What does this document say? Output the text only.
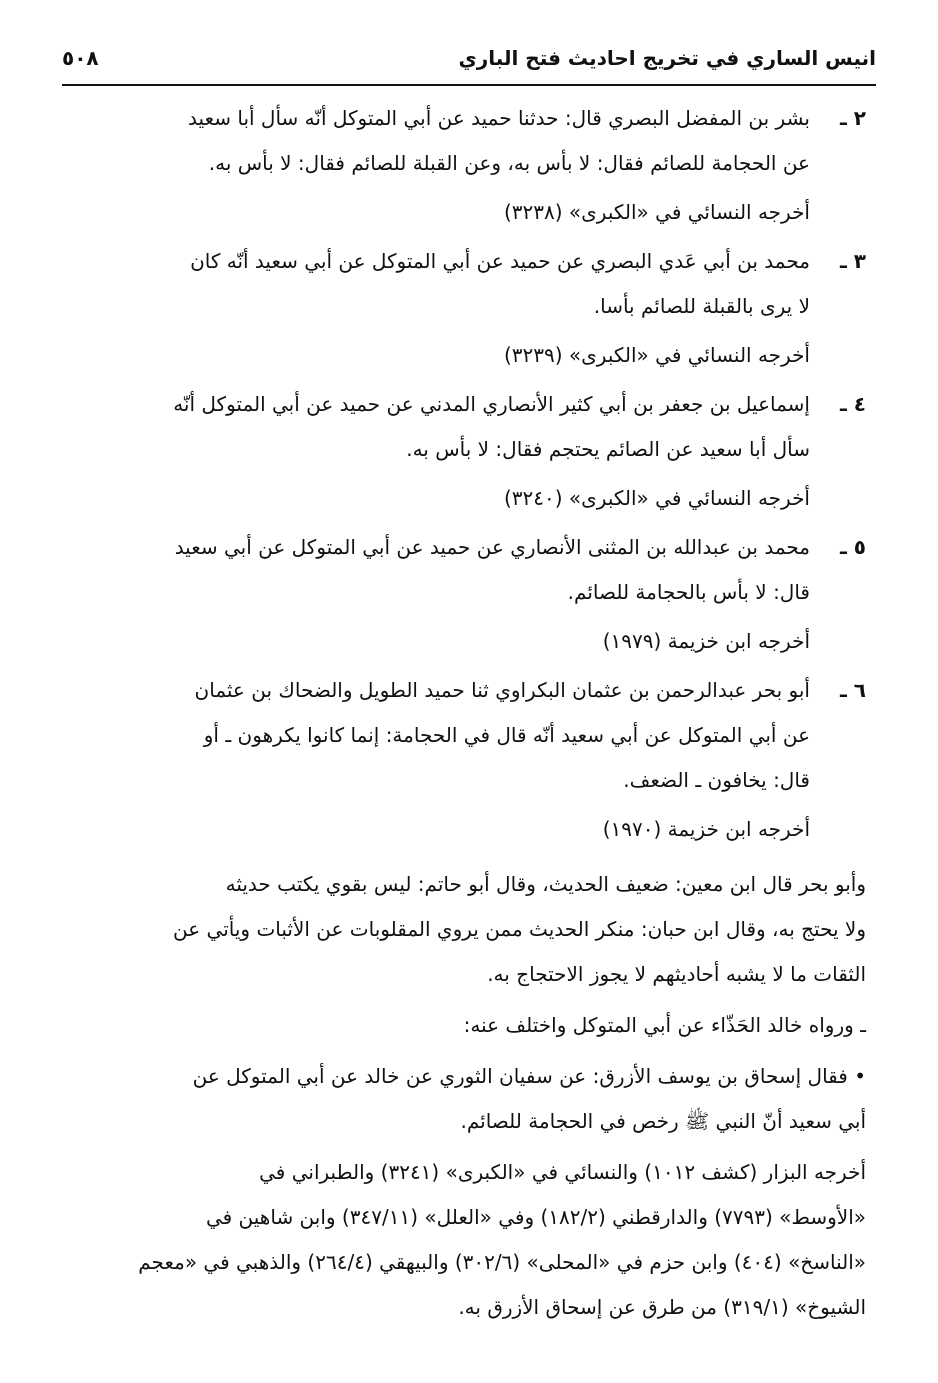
انيس الساري في تخريج احاديث فتح الباري
٥٠٨
٢ ـ
بشر بن المفضل البصري قال: حدثنا حميد عن أبي المتوكل أنّه سأل أبا سعيد
عن الحجامة للصائم فقال: لا بأس به، وعن القبلة للصائم فقال: لا بأس به.
أخرجه النسائي في «الكبرى» (٣٢٣٨)
٣ ـ
محمد بن أبي عَدي البصري عن حميد عن أبي المتوكل عن أبي سعيد أنّه كان
لا يرى بالقبلة للصائم بأسا.
أخرجه النسائي في «الكبرى» (٣٢٣٩)
٤ ـ
إسماعيل بن جعفر بن أبي كثير الأنصاري المدني عن حميد عن أبي المتوكل أنّه
سأل أبا سعيد عن الصائم يحتجم فقال: لا بأس به.
أخرجه النسائي في «الكبرى» (٣٢٤٠)
٥ ـ
محمد بن عبدالله بن المثنى الأنصاري عن حميد عن أبي المتوكل عن أبي سعيد
قال: لا بأس بالحجامة للصائم.
أخرجه ابن خزيمة (١٩٧٩)
٦ ـ
أبو بحر عبدالرحمن بن عثمان البكراوي ثنا حميد الطويل والضحاك بن عثمان
عن أبي المتوكل عن أبي سعيد أنّه قال في الحجامة: إنما كانوا يكرهون ـ أو
قال: يخافون ـ الضعف.
أخرجه ابن خزيمة (١٩٧٠)
وأبو بحر قال ابن معين: ضعيف الحديث، وقال أبو حاتم: ليس بقوي يكتب حديثه
ولا يحتج به، وقال ابن حبان: منكر الحديث ممن يروي المقلوبات عن الأثبات ويأتي عن
الثقات ما لا يشبه أحاديثهم لا يجوز الاحتجاج به.
ـ ورواه خالد الحَذّاء عن أبي المتوكل واختلف عنه:
• فقال إسحاق بن يوسف الأزرق: عن سفيان الثوري عن خالد عن أبي المتوكل عن
أبي سعيد أنّ النبي ﷺ رخص في الحجامة للصائم.
أخرجه البزار (كشف ١٠١٢) والنسائي في «الكبرى» (٣٢٤١) والطبراني في
«الأوسط» (٧٧٩٣) والدارقطني (١٨٢/٢) وفي «العلل» (٣٤٧/١١) وابن شاهين في
«الناسخ» (٤٠٤) وابن حزم في «المحلى» (٣٠٢/٦) والبيهقي (٢٦٤/٤) والذهبي في «معجم
الشيوخ» (٣١٩/١) من طرق عن إسحاق الأزرق به.
